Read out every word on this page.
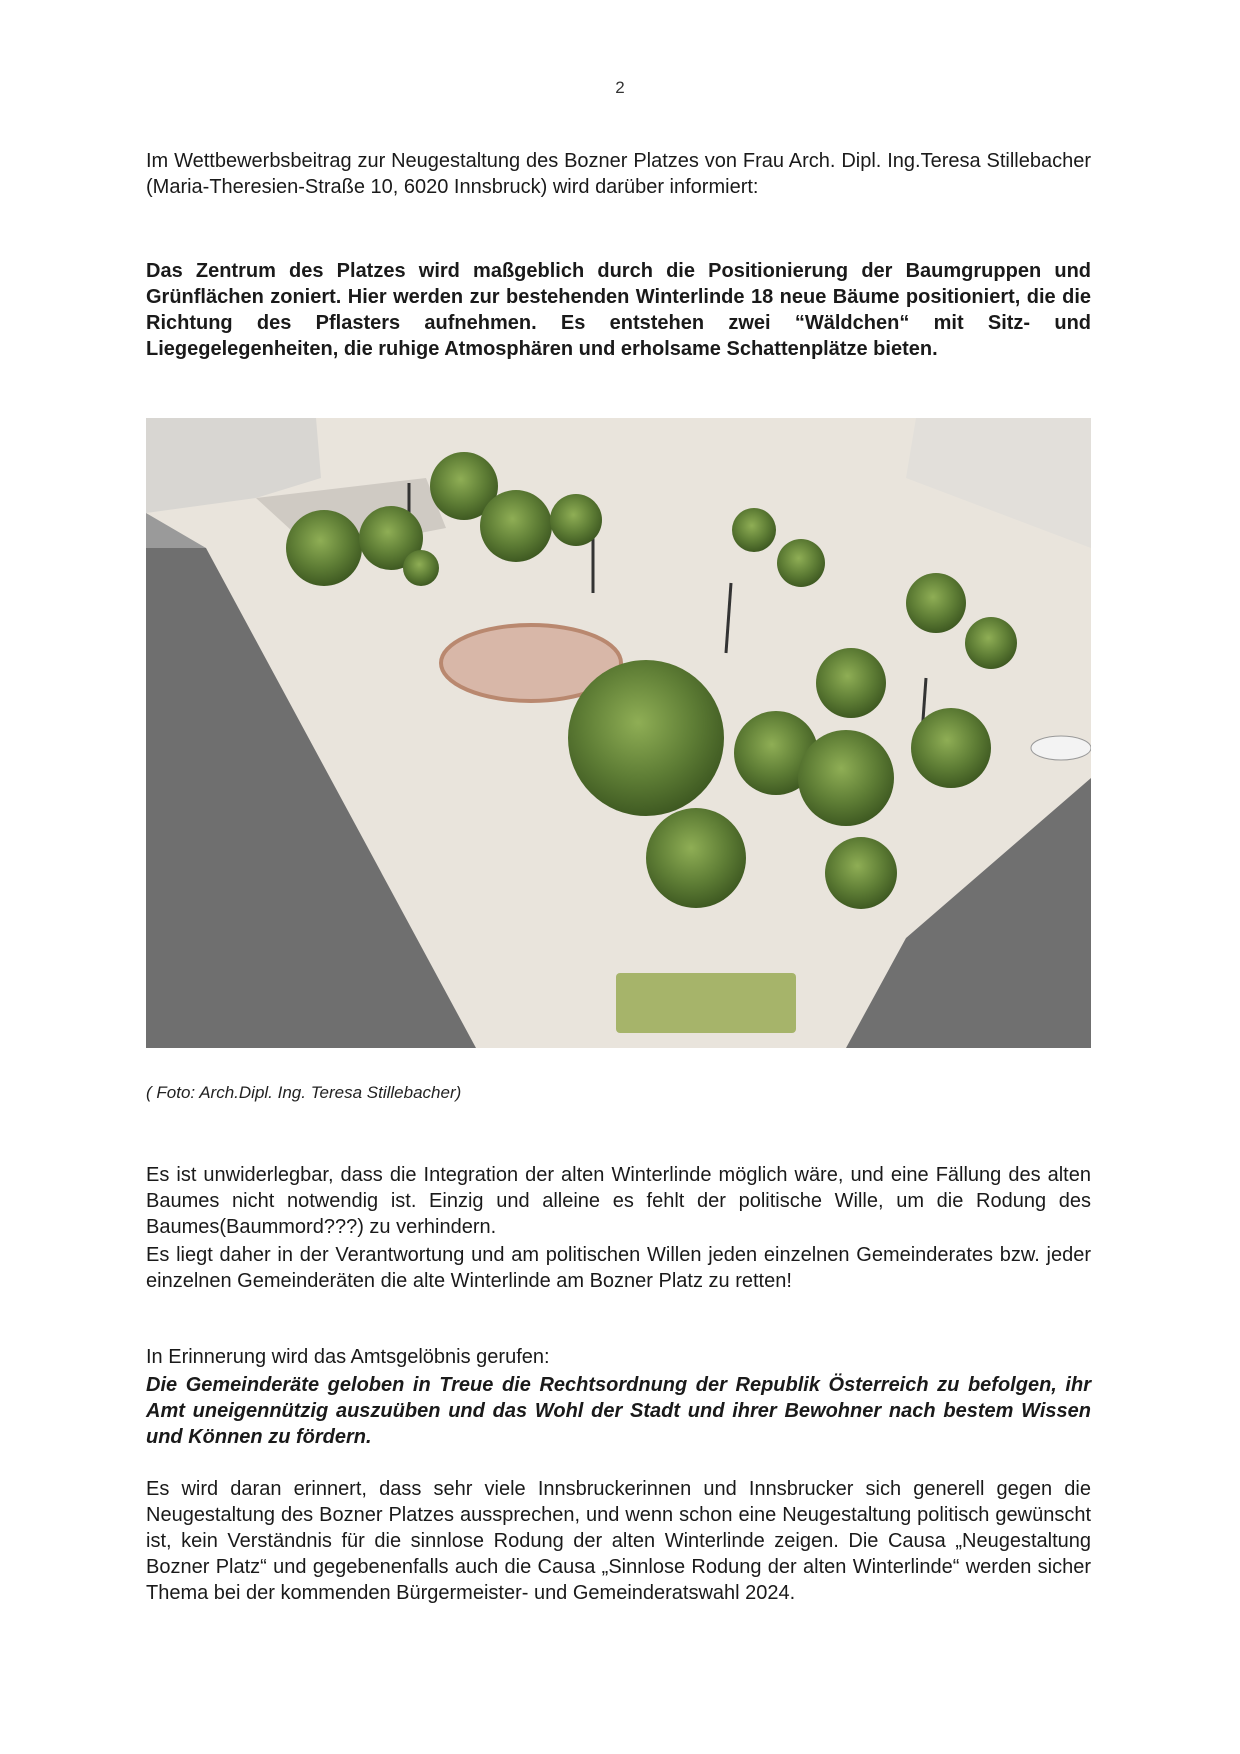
2
Im Wettbewerbsbeitrag zur Neugestaltung des Bozner Platzes von Frau Arch. Dipl. Ing.Teresa Stillebacher (Maria-Theresien-Straße 10, 6020 Innsbruck) wird darüber informiert:
Das Zentrum des Platzes wird maßgeblich durch die Positionierung der Baumgruppen und Grünflächen zoniert. Hier werden zur bestehenden Winterlinde 18 neue Bäume positioniert, die die Richtung des Pflasters aufnehmen. Es entstehen zwei “Wäldchen“ mit Sitz- und Liegegelegenheiten, die ruhige Atmosphären und erholsame Schattenplätze bieten.
( Foto: Arch.Dipl. Ing. Teresa Stillebacher)
Es ist unwiderlegbar, dass die Integration der alten Winterlinde möglich wäre, und eine Fällung des alten Baumes nicht notwendig ist. Einzig und alleine es fehlt der politische Wille, um die Rodung des Baumes(Baummord???) zu verhindern.
Es liegt daher in der Verantwortung und am politischen Willen jeden einzelnen Gemeinderates bzw. jeder einzelnen Gemeinderäten die alte Winterlinde am Bozner Platz zu retten!
In Erinnerung wird das Amtsgelöbnis gerufen:
Die Gemeinderäte geloben in Treue die Rechtsordnung der Republik Österreich zu befolgen, ihr Amt uneigennützig auszuüben und das Wohl der Stadt und ihrer Bewohner nach bestem Wissen und Können zu fördern.
Es wird daran erinnert, dass sehr viele Innsbruckerinnen und Innsbrucker sich generell gegen die Neugestaltung des Bozner Platzes aussprechen, und wenn schon eine Neugestaltung politisch gewünscht ist, kein Verständnis für die sinnlose Rodung der alten Winterlinde zeigen. Die Causa „Neugestaltung Bozner Platz“ und gegebenenfalls auch die Causa „Sinnlose Rodung der alten Winterlinde“ werden sicher Thema bei der kommenden Bürgermeister- und Gemeinderatswahl 2024.
